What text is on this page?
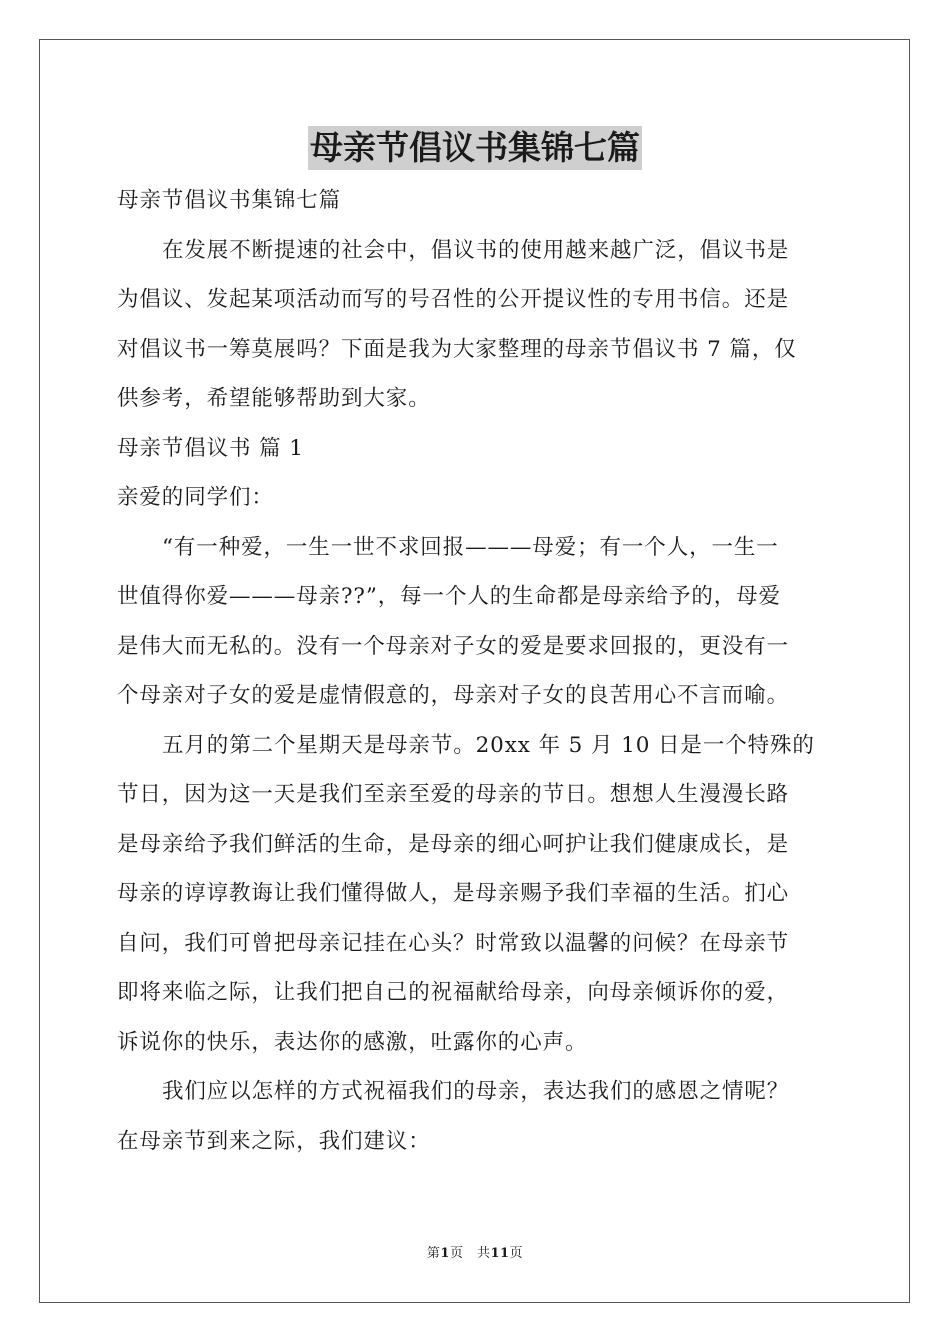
母亲节倡议书集锦七篇
母亲节倡议书集锦七篇
在发展不断提速的社会中，倡议书的使用越来越广泛，倡议书是
为倡议、发起某项活动而写的号召性的公开提议性的专用书信。还是
对倡议书一筹莫展吗？下面是我为大家整理的母亲节倡议书 7 篇，仅
供参考，希望能够帮助到大家。
母亲节倡议书 篇 1
亲爱的同学们：
“有一种爱，一生一世不求回报———母爱；有一个人，一生一
世值得你爱———母亲??”，每一个人的生命都是母亲给予的，母爱
是伟大而无私的。没有一个母亲对子女的爱是要求回报的，更没有一
个母亲对子女的爱是虚情假意的，母亲对子女的良苦用心不言而喻。
五月的第二个星期天是母亲节。20xx 年 5 月 10 日是一个特殊的
节日，因为这一天是我们至亲至爱的母亲的节日。想想人生漫漫长路
是母亲给予我们鲜活的生命，是母亲的细心呵护让我们健康成长，是
母亲的谆谆教诲让我们懂得做人，是母亲赐予我们幸福的生活。扪心
自问，我们可曾把母亲记挂在心头？时常致以温馨的问候？在母亲节
即将来临之际，让我们把自己的祝福献给母亲，向母亲倾诉你的爱，
诉说你的快乐，表达你的感激，吐露你的心声。
我们应以怎样的方式祝福我们的母亲，表达我们的感恩之情呢？
在母亲节到来之际，我们建议：
第1页　共11页
